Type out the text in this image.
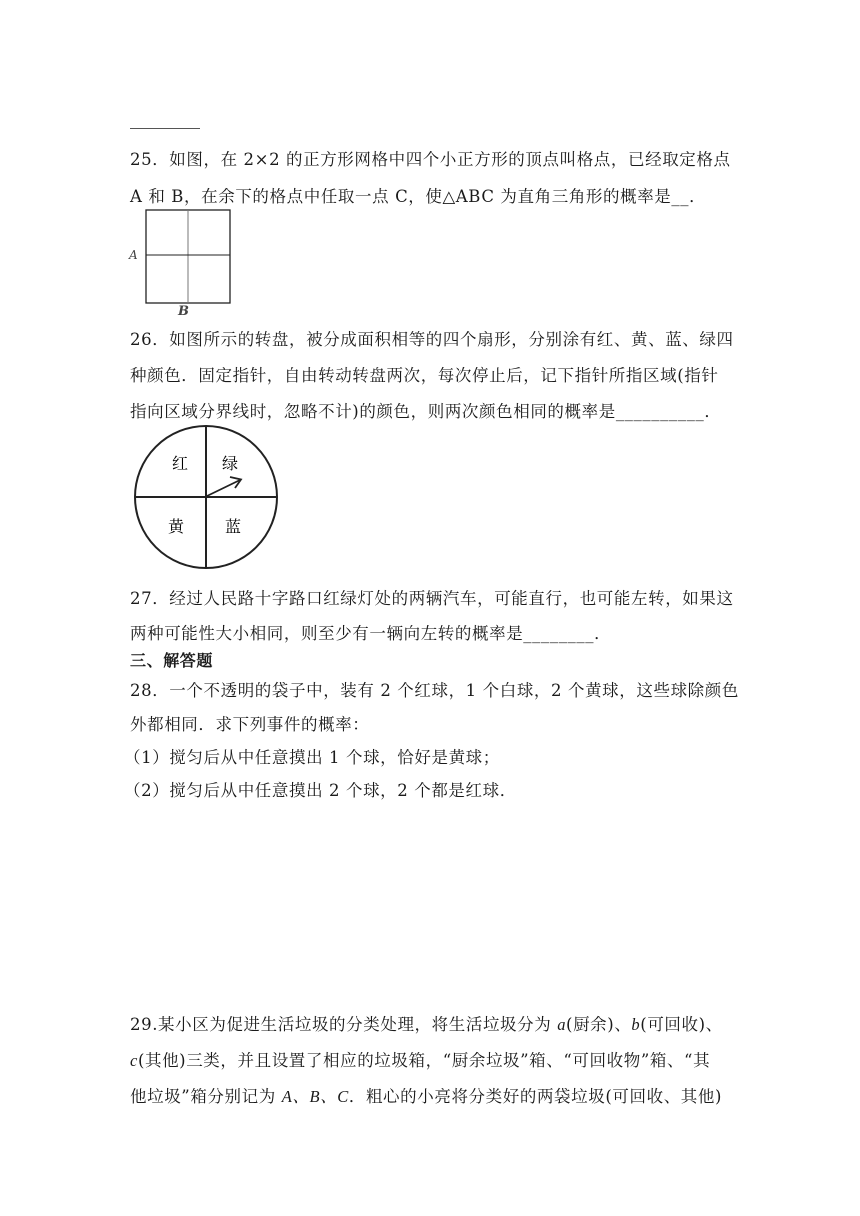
25．如图，在 2×2 的正方形网格中四个小正方形的顶点叫格点，已经取定格点
A 和 B，在余下的格点中任取一点 C，使△ABC 为直角三角形的概率是__．
A
B
26．如图所示的转盘，被分成面积相等的四个扇形，分别涂有红、黄、蓝、绿四
种颜色．固定指针，自由转动转盘两次，每次停止后，记下指针所指区域(指针
指向区域分界线时，忽略不计)的颜色，则两次颜色相同的概率是__________．
红 绿
黄	蓝
27．经过人民路十字路口红绿灯处的两辆汽车，可能直行，也可能左转，如果这
两种可能性大小相同，则至少有一辆向左转的概率是________．
三、解答题
28．一个不透明的袋子中，装有 2 个红球，1 个白球，2 个黄球，这些球除颜色
外都相同．求下列事件的概率：
（1）搅匀后从中任意摸出 1 个球，恰好是黄球；
（2）搅匀后从中任意摸出 2 个球，2 个都是红球．
29.某小区为促进生活垃圾的分类处理，将生活垃圾分为 a(厨余)、b(可回收)、
c(其他)三类，并且设置了相应的垃圾箱，“厨余垃圾”箱、“可回收物”箱、“其
他垃圾”箱分别记为 A、B、C．粗心的小亮将分类好的两袋垃圾(可回收、其他)
